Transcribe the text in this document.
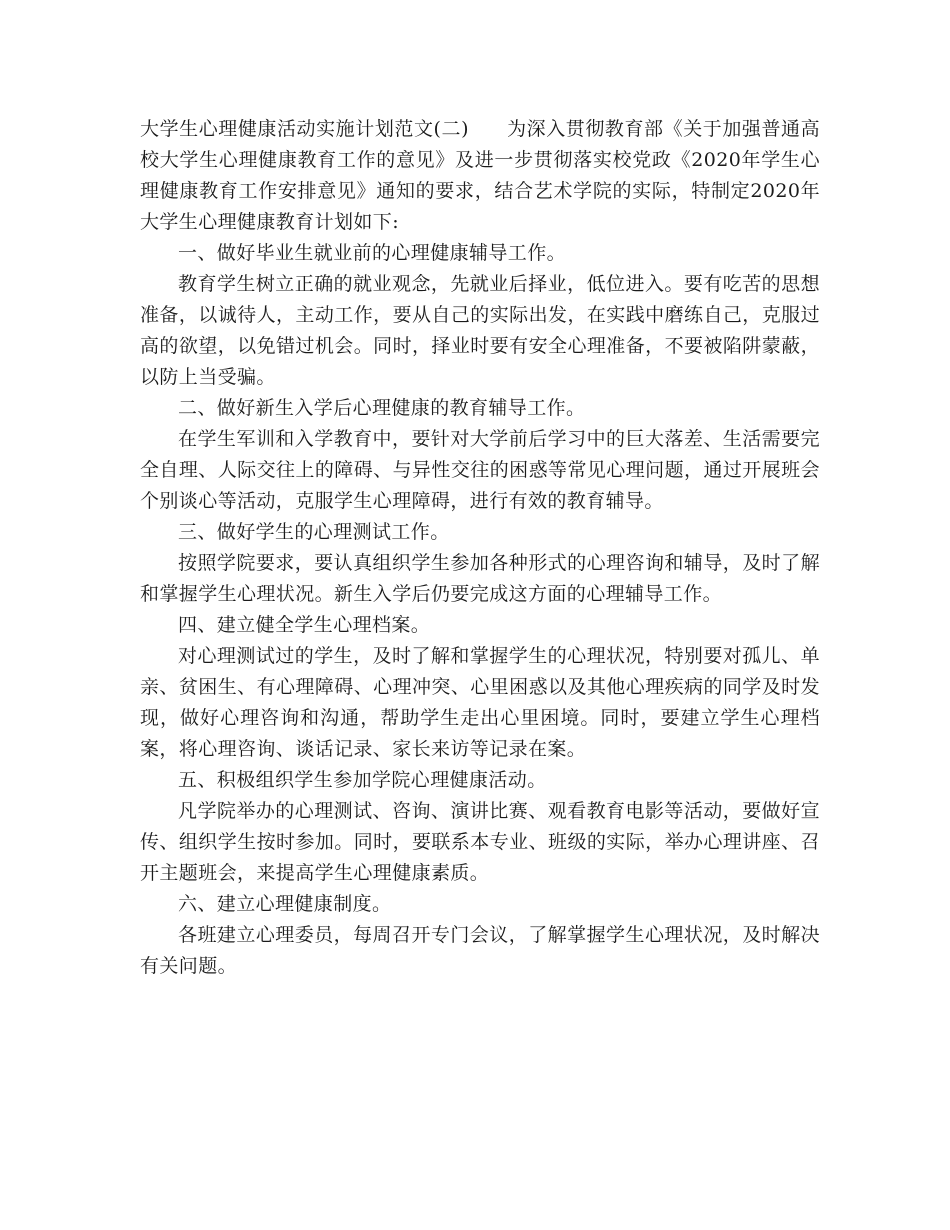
大学生心理健康活动实施计划范文(二) 为深入贯彻教育部《关于加强普通高校大学生心理健康教育工作的意见》及进一步贯彻落实校党政《2020年学生心理健康教育工作安排意见》通知的要求，结合艺术学院的实际，特制定2020年大学生心理健康教育计划如下:

一、做好毕业生就业前的心理健康辅导工作。

教育学生树立正确的就业观念，先就业后择业，低位进入。要有吃苦的思想准备，以诚待人，主动工作，要从自己的实际出发，在实践中磨练自己，克服过高的欲望，以免错过机会。同时，择业时要有安全心理准备，不要被陷阱蒙蔽，以防上当受骗。

二、做好新生入学后心理健康的教育辅导工作。

在学生军训和入学教育中，要针对大学前后学习中的巨大落差、生活需要完全自理、人际交往上的障碍、与异性交往的困惑等常见心理问题，通过开展班会个别谈心等活动，克服学生心理障碍，进行有效的教育辅导。

三、做好学生的心理测试工作。

按照学院要求，要认真组织学生参加各种形式的心理咨询和辅导，及时了解和掌握学生心理状况。新生入学后仍要完成这方面的心理辅导工作。

四、建立健全学生心理档案。

对心理测试过的学生，及时了解和掌握学生的心理状况，特别要对孤儿、单亲、贫困生、有心理障碍、心理冲突、心里困惑以及其他心理疾病的同学及时发现，做好心理咨询和沟通，帮助学生走出心里困境。同时，要建立学生心理档案，将心理咨询、谈话记录、家长来访等记录在案。

五、积极组织学生参加学院心理健康活动。

凡学院举办的心理测试、咨询、演讲比赛、观看教育电影等活动，要做好宣传、组织学生按时参加。同时，要联系本专业、班级的实际，举办心理讲座、召开主题班会，来提高学生心理健康素质。

六、建立心理健康制度。

各班建立心理委员，每周召开专门会议，了解掌握学生心理状况，及时解决有关问题。
